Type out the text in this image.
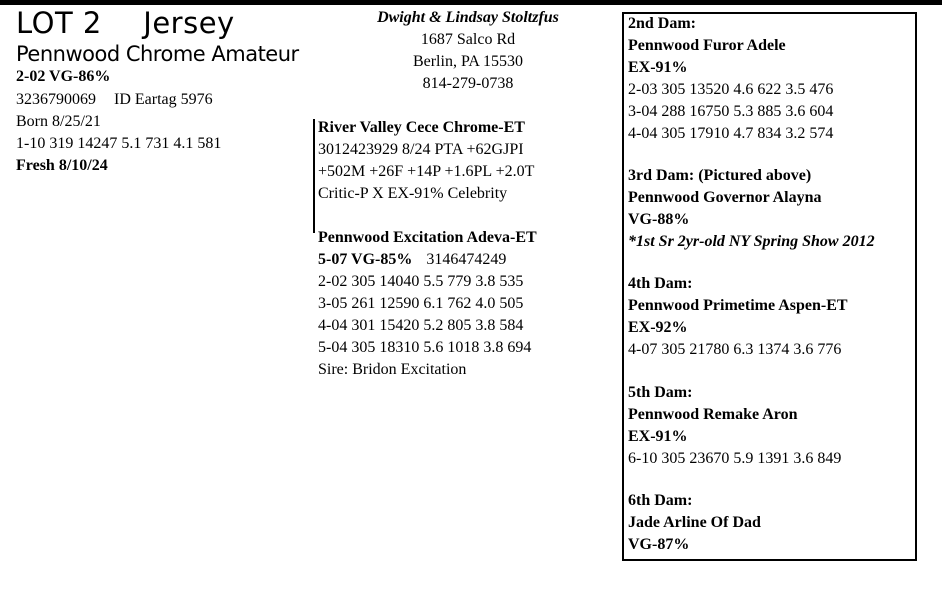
LOT 2 Jersey
Pennwood Chrome Amateur
2-02 VG-86%
3236790069 ID Eartag 5976
Born 8/25/21
1-10 319 14247 5.1 731 4.1 581
Fresh 8/10/24
Dwight & Lindsay Stoltzfus
1687 Salco Rd
Berlin, PA 15530
814-279-0738
River Valley Cece Chrome-ET
3012423929 8/24 PTA +62GJPI
+502M +26F +14P +1.6PL +2.0T
Critic-P X EX-91% Celebrity
Pennwood Excitation Adeva-ET
5-07 VG-85% 3146474249
2-02 305 14040 5.5 779 3.8 535
3-05 261 12590 6.1 762 4.0 505
4-04 301 15420 5.2 805 3.8 584
5-04 305 18310 5.6 1018 3.8 694
Sire: Bridon Excitation
2nd Dam:
Pennwood Furor Adele
EX-91%
2-03 305 13520 4.6 622 3.5 476
3-04 288 16750 5.3 885 3.6 604
4-04 305 17910 4.7 834 3.2 574
3rd Dam: (Pictured above)
Pennwood Governor Alayna
VG-88%
*1st Sr 2yr-old NY Spring Show 2012
4th Dam:
Pennwood Primetime Aspen-ET
EX-92%
4-07 305 21780 6.3 1374 3.6 776
5th Dam:
Pennwood Remake Aron
EX-91%
6-10 305 23670 5.9 1391 3.6 849
6th Dam:
Jade Arline Of Dad
VG-87%
